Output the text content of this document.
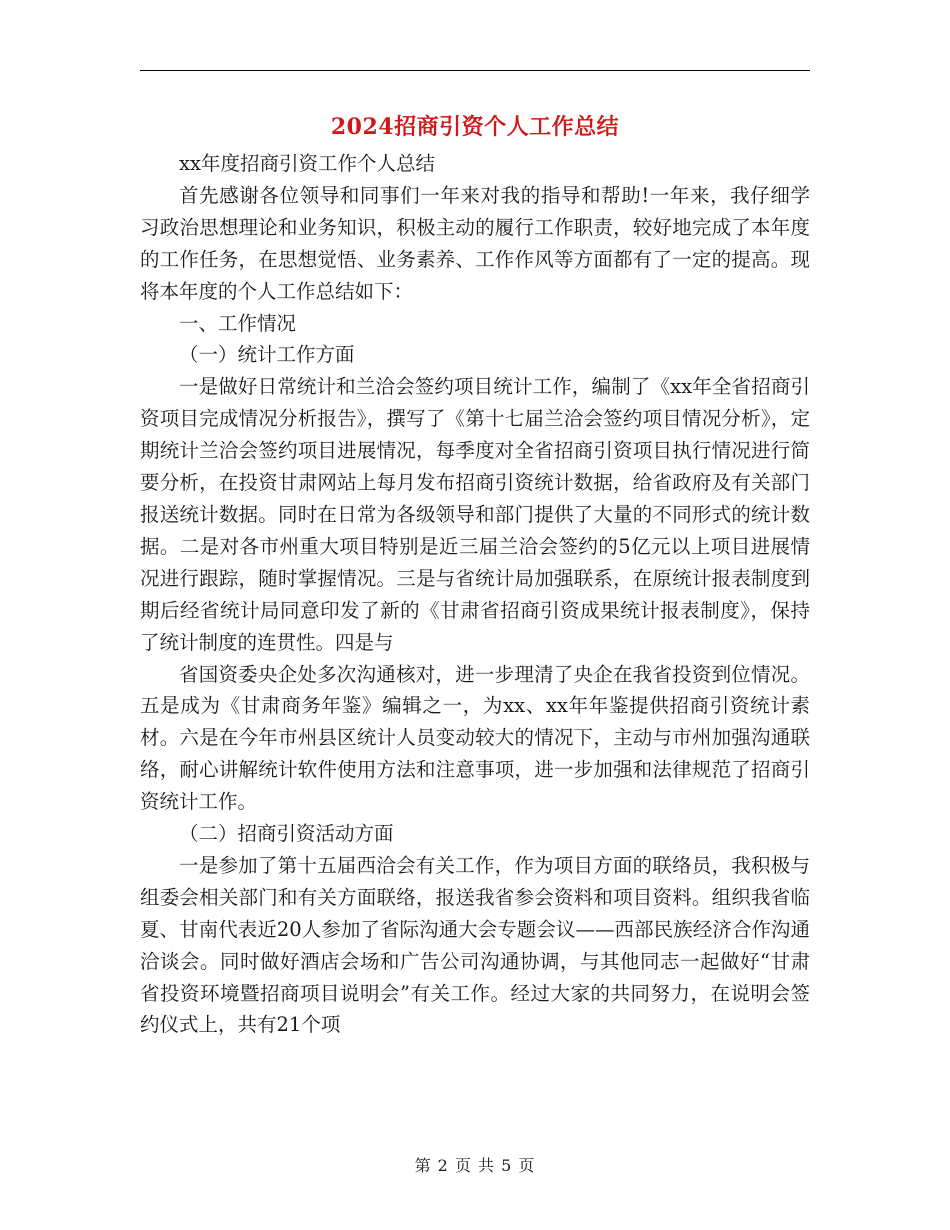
2024招商引资个人工作总结

xx年度招商引资工作个人总结

首先感谢各位领导和同事们一年来对我的指导和帮助!一年来，我仔细学习政治思想理论和业务知识，积极主动的履行工作职责，较好地完成了本年度的工作任务，在思想觉悟、业务素养、工作作风等方面都有了一定的提高。现将本年度的个人工作总结如下：

一、工作情况

（一）统计工作方面

一是做好日常统计和兰洽会签约项目统计工作，编制了《xx年全省招商引资项目完成情况分析报告》，撰写了《第十七届兰洽会签约项目情况分析》，定期统计兰洽会签约项目进展情况，每季度对全省招商引资项目执行情况进行简要分析，在投资甘肃网站上每月发布招商引资统计数据，给省政府及有关部门报送统计数据。同时在日常为各级领导和部门提供了大量的不同形式的统计数据。二是对各市州重大项目特别是近三届兰洽会签约的5亿元以上项目进展情况进行跟踪，随时掌握情况。三是与省统计局加强联系，在原统计报表制度到期后经省统计局同意印发了新的《甘肃省招商引资成果统计报表制度》，保持了统计制度的连贯性。四是与

省国资委央企处多次沟通核对，进一步理清了央企在我省投资到位情况。五是成为《甘肃商务年鉴》编辑之一，为xx、xx年年鉴提供招商引资统计素材。六是在今年市州县区统计人员变动较大的情况下，主动与市州加强沟通联络，耐心讲解统计软件使用方法和注意事项，进一步加强和法律规范了招商引资统计工作。

（二）招商引资活动方面

一是参加了第十五届西洽会有关工作，作为项目方面的联络员，我积极与组委会相关部门和有关方面联络，报送我省参会资料和项目资料。组织我省临夏、甘南代表近20人参加了省际沟通大会专题会议——西部民族经济合作沟通洽谈会。同时做好酒店会场和广告公司沟通协调，与其他同志一起做好“甘肃省投资环境暨招商项目说明会”有关工作。经过大家的共同努力，在说明会签约仪式上，共有21个项

第 2 页 共 5 页
